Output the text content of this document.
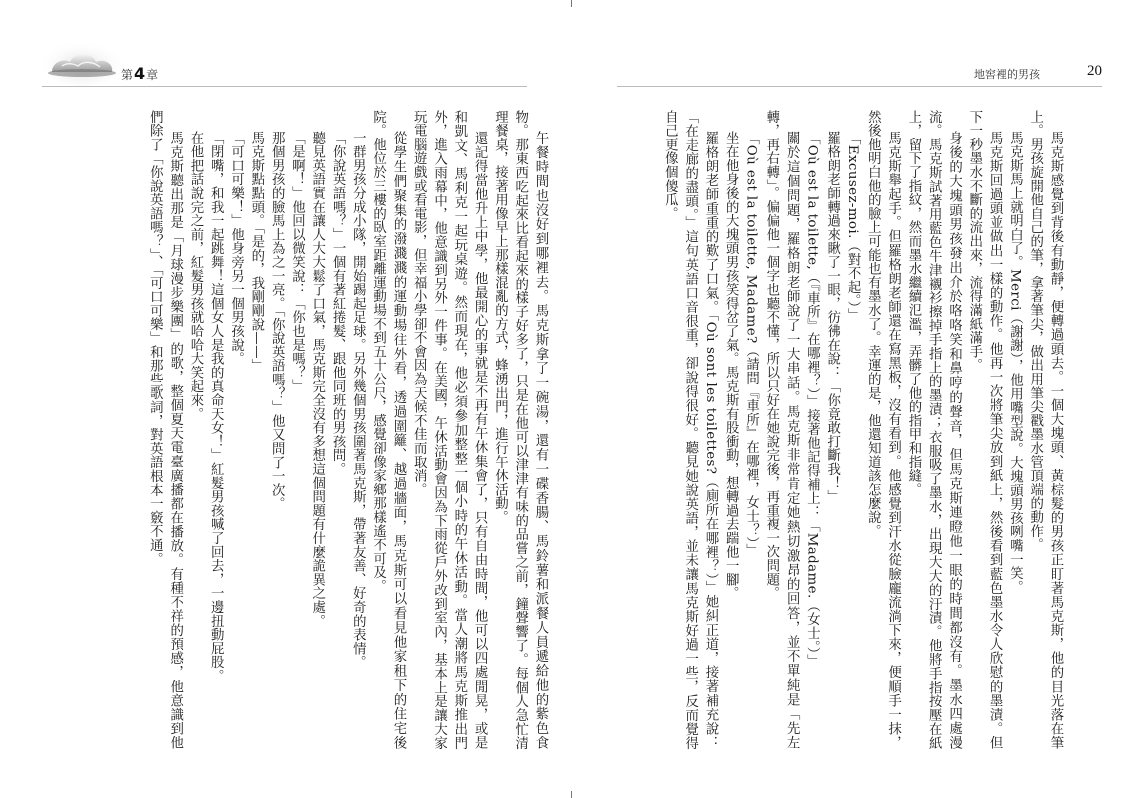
第4章	地窖裡的男孩	20

馬克斯感覺到背後有動靜，便轉過頭去。一個大塊頭、黃棕髮的男孩正盯著馬克斯，他的目光落在筆上。男孩旋開他自己的筆，拿著筆尖，做出用筆尖戳墨水管頂端的動作。

馬克斯馬上就明白了。Merci（謝謝），他用嘴型說。大塊頭男孩咧嘴一笑。

馬克斯回過頭並做出一樣的動作。他再一次將筆尖放到紙上，然後看到藍色墨水令人欣慰的墨漬。但下一秒墨水不斷的流出來，流得滿紙滿手。

身後的大塊頭男孩發出介於咯咯笑和鼻哼的聲音，但馬克斯連瞪他一眼的時間都沒有。墨水四處漫流。馬克斯試著用藍色牛津襯衫擦掉手指上的墨漬；衣服吸了墨水，出現大大的汙漬。他將手指按壓在紙上，留下了指紋，然而墨水繼續氾濫，弄髒了他的指甲和指縫。

馬克斯舉起手。但羅格朗老師還在寫黑板，沒有看到。他感覺到汗水從臉龐流淌下來，便順手一抹，然後他明白他的臉上可能也有墨水了。幸運的是，他還知道該怎麼說。

「Excusez-moi.（對不起。）」

羅格朗老師轉過來瞅了一眼，彷彿在說：「你竟敢打斷我！」

「Où est la toilette,（『車所』在哪裡？）」接著他記得補上：「Madame.（女士。）」

關於這個問題，羅格朗老師說了一大串話。馬克斯非常肯定她熱切激昂的回答，並不單純是「先左轉，再右轉」。偏偏他一個字也聽不懂，所以只好在她說完後，再重複一次問題。

「Où est la toilette, Madame?（請問『車所』在哪裡，女士？）」

坐在他身後的大塊頭男孩笑得岔了氣。馬克斯有股衝動，想轉過去踹他一腳。

羅格朗老師重重的歎了口氣。「Où sont les toilettes?（廁所在哪裡？）」她糾正道，接著補充說：「在走廊的盡頭。」這句英語口音很重，卻說得很好。聽見她說英語，並未讓馬克斯好過一些，反而覺得自己更像個傻瓜。

午餐時間也沒好到哪裡去。馬克斯拿了一碗湯，還有一碟香腸、馬鈴薯和派餐人員遞給他的紫色食物。那東西吃起來比看起來的樣子好多了，只是在他可以津津有味的品嘗之前，鐘聲響了。每個人急忙清理餐桌，接著用像早上那樣混亂的方式，蜂湧出門，進行午休活動。

還記得當他升上中學，他最開心的事就是不再有午休集會了，只有自由時間，他可以四處閒晃，或是和凱文、馬利克一起玩桌遊。然而現在，他必須參加整整一個小時的午休活動。當人潮將馬克斯推出門外，進入雨幕中，他意識到另外一件事。在美國，午休活動會因為下雨從戶外改到室內，基本上是讓大家玩電腦遊戲或看電影，但幸福小學卻不會因為天候不佳而取消。

從學生們聚集的潑濺濺的運動場往外看，透過圍籬、越過牆面，馬克斯可以看見他家租下的住宅後院。他位於三樓的臥室距離運動場不到五十公尺，感覺卻像家鄉那樣遙不可及。

一群男孩分成小隊，開始踢起足球。另外幾個男孩圍著馬克斯，帶著友善、好奇的表情。

「你說英語嗎？」一個有著紅捲髮、跟他同班的男孩問。

聽見英語實在讓人大大鬆了口氣，馬克斯完全沒有多想這個問題有什麼詭異之處。

「是啊！」他回以微笑說：「你也是嗎？」

那個男孩的臉馬上為之一亮。「你說英語嗎？」他又問了一次。

馬克斯點點頭。「是的，我剛剛說——」

「可口可樂！」他身旁另一個男孩說。

「閉嘴，和我一起跳舞！這個女人是我的真命天女！」紅髮男孩喊了回去，一邊扭動屁股。

在他把話說完之前，紅髮男孩就哈哈大笑起來。

馬克斯聽出那是「月球漫步樂團」的歌，整個夏天電臺廣播都在播放。有種不祥的預感，他意識到他們除了「你說英語嗎？」、「可口可樂」和那些歌詞，對英語根本一竅不通。
